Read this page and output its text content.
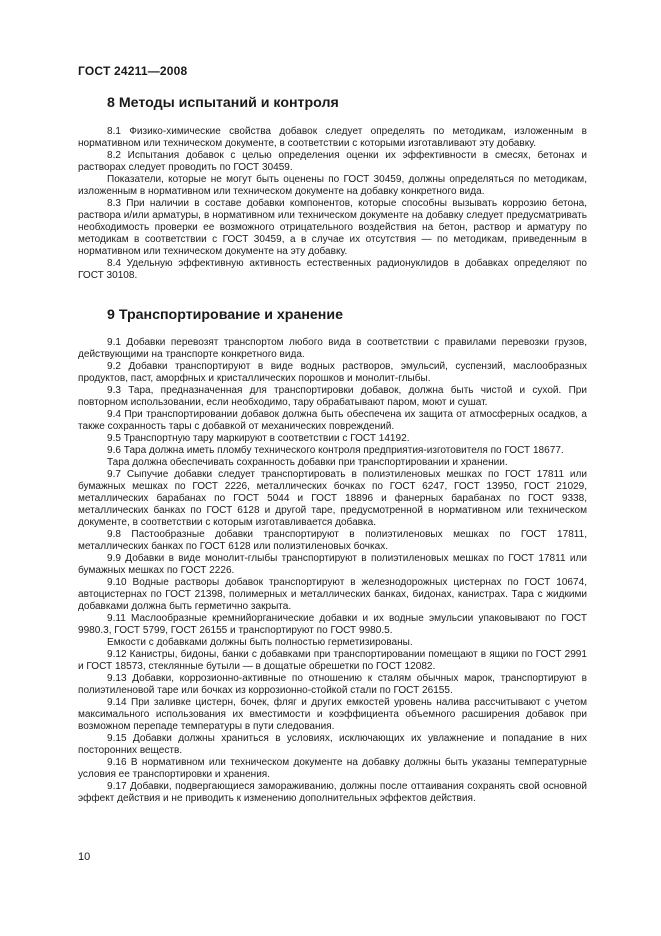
ГОСТ 24211—2008
8 Методы испытаний и контроля
8.1 Физико-химические свойства добавок следует определять по методикам, изложенным в нормативном или техническом документе, в соответствии с которыми изготавливают эту добавку.
8.2 Испытания добавок с целью определения оценки их эффективности в смесях, бетонах и растворах следует проводить по ГОСТ 30459.
Показатели, которые не могут быть оценены по ГОСТ 30459, должны определяться по методикам, изложенным в нормативном или техническом документе на добавку конкретного вида.
8.3 При наличии в составе добавки компонентов, которые способны вызывать коррозию бетона, раствора и/или арматуры, в нормативном или техническом документе на добавку следует предусматривать необходимость проверки ее возможного отрицательного воздействия на бетон, раствор и арматуру по методикам в соответствии с ГОСТ 30459, а в случае их отсутствия — по методикам, приведенным в нормативном или техническом документе на эту добавку.
8.4 Удельную эффективную активность естественных радионуклидов в добавках определяют по ГОСТ 30108.
9 Транспортирование и хранение
9.1 Добавки перевозят транспортом любого вида в соответствии с правилами перевозки грузов, действующими на транспорте конкретного вида.
9.2 Добавки транспортируют в виде водных растворов, эмульсий, суспензий, маслообразных продуктов, паст, аморфных и кристаллических порошков и монолит-глыбы.
9.3 Тара, предназначенная для транспортировки добавок, должна быть чистой и сухой. При повторном использовании, если необходимо, тару обрабатывают паром, моют и сушат.
9.4 При транспортировании добавок должна быть обеспечена их защита от атмосферных осадков, а также сохранность тары с добавкой от механических повреждений.
9.5 Транспортную тару маркируют в соответствии с ГОСТ 14192.
9.6 Тара должна иметь пломбу технического контроля предприятия-изготовителя по ГОСТ 18677.
Тара должна обеспечивать сохранность добавки при транспортировании и хранении.
9.7 Сыпучие добавки следует транспортировать в полиэтиленовых мешках по ГОСТ 17811 или бумажных мешках по ГОСТ 2226, металлических бочках по ГОСТ 6247, ГОСТ 13950, ГОСТ 21029, металлических барабанах по ГОСТ 5044 и ГОСТ 18896 и фанерных барабанах по ГОСТ 9338, металлических банках по ГОСТ 6128 и другой таре, предусмотренной в нормативном или техническом документе, в соответствии с которым изготавливается добавка.
9.8 Пастообразные добавки транспортируют в полиэтиленовых мешках по ГОСТ 17811, металлических банках по ГОСТ 6128 или полиэтиленовых бочках.
9.9 Добавки в виде монолит-глыбы транспортируют в полиэтиленовых мешках по ГОСТ 17811 или бумажных мешках по ГОСТ 2226.
9.10 Водные растворы добавок транспортируют в железнодорожных цистернах по ГОСТ 10674, автоцистернах по ГОСТ 21398, полимерных и металлических банках, бидонах, канистрах. Тара с жидкими добавками должна быть герметично закрыта.
9.11 Маслообразные кремнийорганические добавки и их водные эмульсии упаковывают по ГОСТ 9980.3, ГОСТ 5799, ГОСТ 26155 и транспортируют по ГОСТ 9980.5.
Емкости с добавками должны быть полностью герметизированы.
9.12 Канистры, бидоны, банки с добавками при транспортировании помещают в ящики по ГОСТ 2991 и ГОСТ 18573, стеклянные бутыли — в дощатые обрешетки по ГОСТ 12082.
9.13 Добавки, коррозионно-активные по отношению к сталям обычных марок, транспортируют в полиэтиленовой таре или бочках из коррозионно-стойкой стали по ГОСТ 26155.
9.14 При заливке цистерн, бочек, фляг и других емкостей уровень налива рассчитывают с учетом максимального использования их вместимости и коэффициента объемного расширения добавок при возможном перепаде температуры в пути следования.
9.15 Добавки должны храниться в условиях, исключающих их увлажнение и попадание в них посторонних веществ.
9.16 В нормативном или техническом документе на добавку должны быть указаны температурные условия ее транспортировки и хранения.
9.17 Добавки, подвергающиеся замораживанию, должны после оттаивания сохранять свой основной эффект действия и не приводить к изменению дополнительных эффектов действия.
10
